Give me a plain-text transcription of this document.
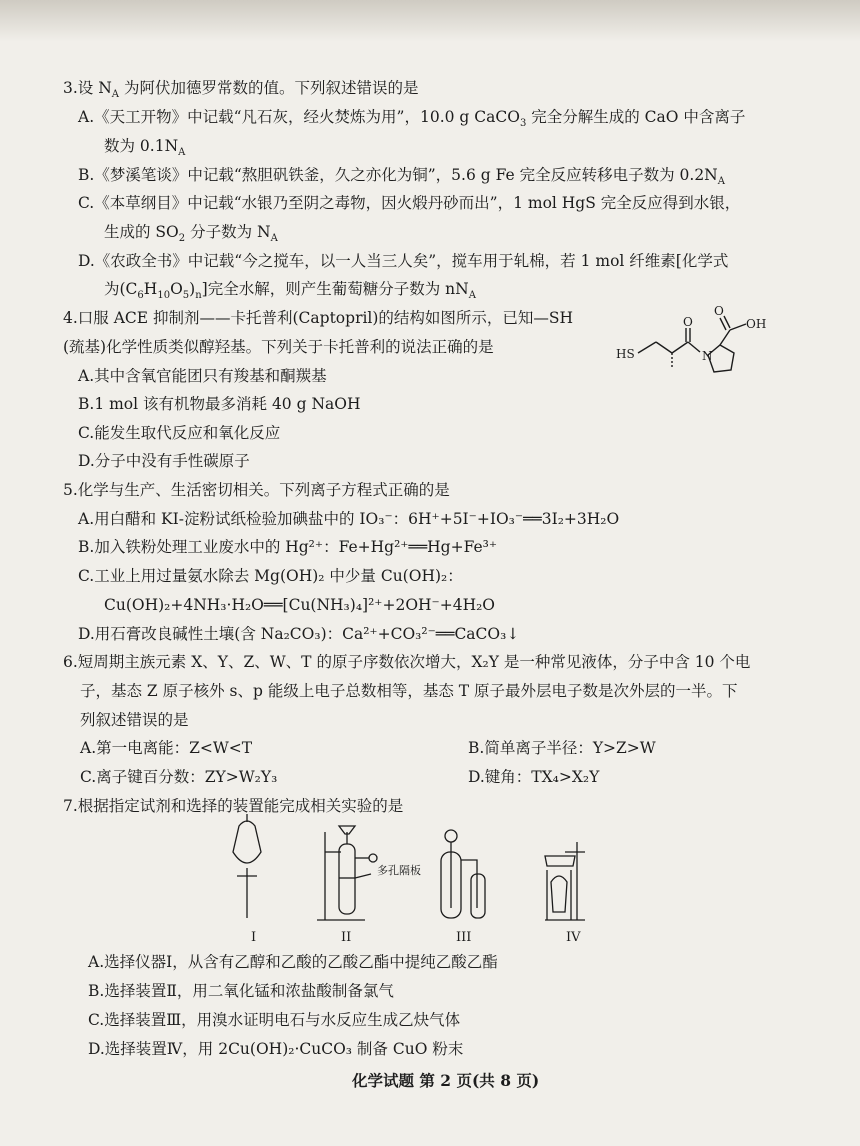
3.设 $N_A$ 为阿伏加德罗常数的值。下列叙述错误的是
A.《天工开物》中记载“凡石灰，经火焚炼为用”，10.0 g CaCO$_3$ 完全分解生成的 CaO 中含离子
数为 $0.1N_A$
B.《梦溪笔谈》中记载“熬胆矾铁釜，久之亦化为铜”，5.6 g Fe 完全反应转移电子数为 $0.2N_A$
C.《本草纲目》中记载“水银乃至阴之毒物，因火煅丹砂而出”，1 mol HgS 完全反应得到水银，
生成的 $SO_2$ 分子数为 $N_A$
D.《农政全书》中记载“今之搅车，以一人当三人矣”，搅车用于轧棉，若 1 mol 纤维素[化学式
为$(C_6H_{10}O_5)_n$]完全水解，则产生葡萄糖分子数为 $nN_A$
4.口服 ACE 抑制剂——卡托普利(Captopril)的结构如图所示，已知—SH
(巯基)化学性质类似醇羟基。下列关于卡托普利的说法正确的是
A.其中含氧官能团只有羧基和酮羰基
B.1 mol 该有机物最多消耗 40 g NaOH
C.能发生取代反应和氧化反应
D.分子中没有手性碳原子
HS	N
O
O
OH
5.化学与生产、生活密切相关。下列离子方程式正确的是
A.用白醋和 KI-淀粉试纸检验加碘盐中的 IO₃⁻：6H⁺+5I⁻+IO₃⁻══3I₂+3H₂O
B.加入铁粉处理工业废水中的 Hg²⁺：Fe+Hg²⁺══Hg+Fe³⁺
C.工业上用过量氨水除去 Mg(OH)₂ 中少量 Cu(OH)₂：
Cu(OH)₂+4NH₃·H₂O══[Cu(NH₃)₄]²⁺+2OH⁻+4H₂O
D.用石膏改良碱性土壤(含 Na₂CO₃)：Ca²⁺+CO₃²⁻══CaCO₃↓
6.短周期主族元素 X、Y、Z、W、T 的原子序数依次增大，X₂Y 是一种常见液体，分子中含 10 个电
子，基态 Z 原子核外 s、p 能级上电子总数相等，基态 T 原子最外层电子数是次外层的一半。下
列叙述错误的是
A.第一电离能：Z<W<T	B.简单离子半径：Y>Z>W
C.离子键百分数：ZY>W₂Y₃	D.键角：TX₄>X₂Y
7.根据指定试剂和选择的装置能完成相关实验的是
多孔隔板
I	II	III	IV
A.选择仪器Ⅰ，从含有乙醇和乙酸的乙酸乙酯中提纯乙酸乙酯
B.选择装置Ⅱ，用二氧化锰和浓盐酸制备氯气
C.选择装置Ⅲ，用溴水证明电石与水反应生成乙炔气体
D.选择装置Ⅳ，用 2Cu(OH)₂·CuCO₃ 制备 CuO 粉末
化学试题 第 2 页(共 8 页)
